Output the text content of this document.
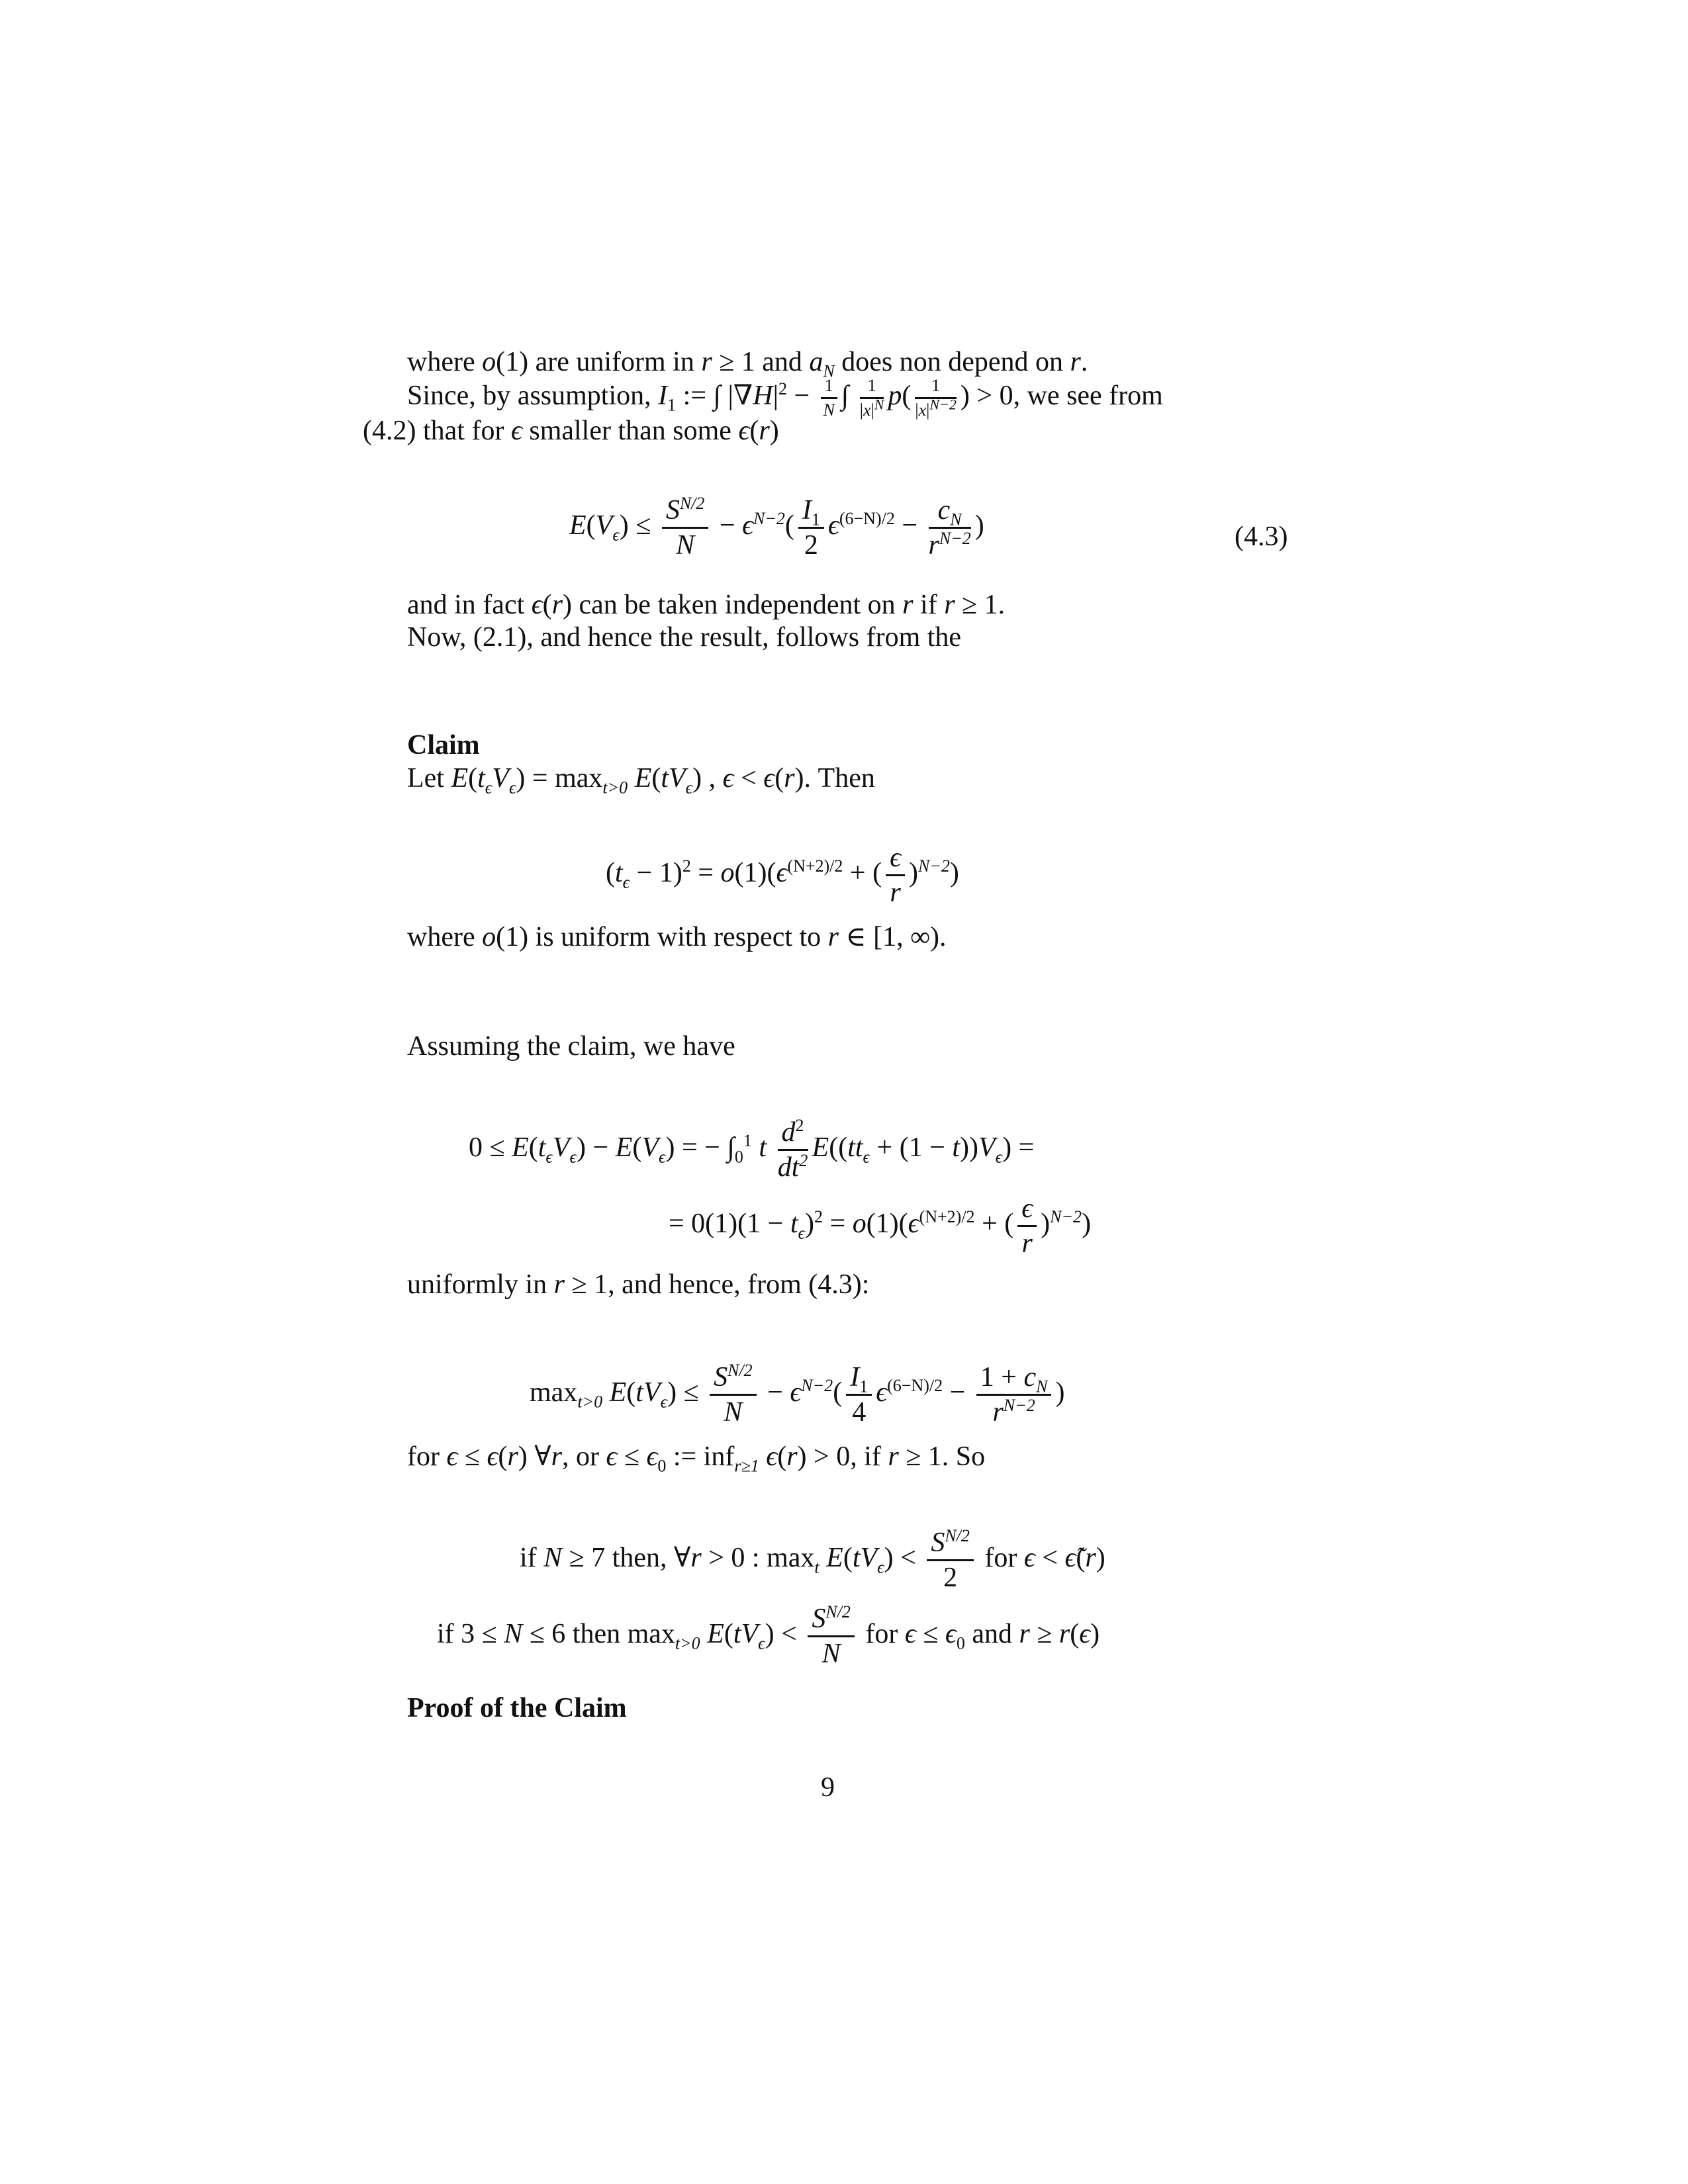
where o(1) are uniform in r ≥ 1 and $a_N$ does non depend on r.
Since, by assumption, $I_1$ := ∫ $|\nabla H|^2 - \frac{1}{N}$ ∫ $\frac{1}{|x|^N} p( \frac{1}{|x|^{N-2}}$ ) > 0, we see from
(4.2) that for ϵ smaller than some ϵ(r)
$E(V_\epsilon) \le \frac{S^{N/2}}{N} - \epsilon^{N-2}( \frac{I_1}{2} \epsilon^{(6-N)/2} - \frac{c_N}{r^{N-2}}$ )	(4.3)
and in fact ϵ(r) can be taken independent on r if r ≥ 1.
Now, (2.1), and hence the result, follows from the
Claim
Let $E(t_\epsilon V_\epsilon) = \max_{t>0} E(tV_\epsilon)$ , ϵ < ϵ(r). Then
$(t_\epsilon - 1)^2 = o(1)(\epsilon^{(N+2)/2}$ + ( $\frac{\epsilon}{r} )^{N-2}$)
where o(1) is uniform with respect to r ∈ [1, ∞).
Assuming the claim, we have
$0 \le E(t_\epsilon V_\epsilon) - E(V_\epsilon)$ = − $\int_0^1$ t $\frac{d^2}{dt^2} E((tt_\epsilon + (1 - t))V_\epsilon)$ =
= $0(1)(1 - t_\epsilon)^2 = o(1)(\epsilon^{(N+2)/2}$ + ( $\frac{\epsilon}{r} )^{N-2}$)
uniformly in r ≥ 1, and hence, from (4.3):
$\max_{t>0} E(tV_\epsilon) \le \frac{S^{N/2}}{N} - \epsilon^{N-2}( \frac{I_1}{4} \epsilon^{(6-N)/2} - \frac{1 + c_N}{r^{N-2}}$ )
for ϵ ≤ ϵ(r) ∀r, or $\epsilon \le \epsilon_0$ := inf$_{r\ge 1}$ ϵ(r) > 0, if r ≥ 1. So
if N ≥ 7 then, ∀r > 0 : $\max_t E(tV_\epsilon) < \frac{S^{N/2}}{2}$ for ϵ < ϵ̃(r)
if 3 ≤ N ≤ 6 then $\max_{t>0} E(tV_\epsilon) < \frac{S^{N/2}}{N}$ for $\epsilon \le \epsilon_0$ and r ≥ r(ϵ)
Proof of the Claim
9
